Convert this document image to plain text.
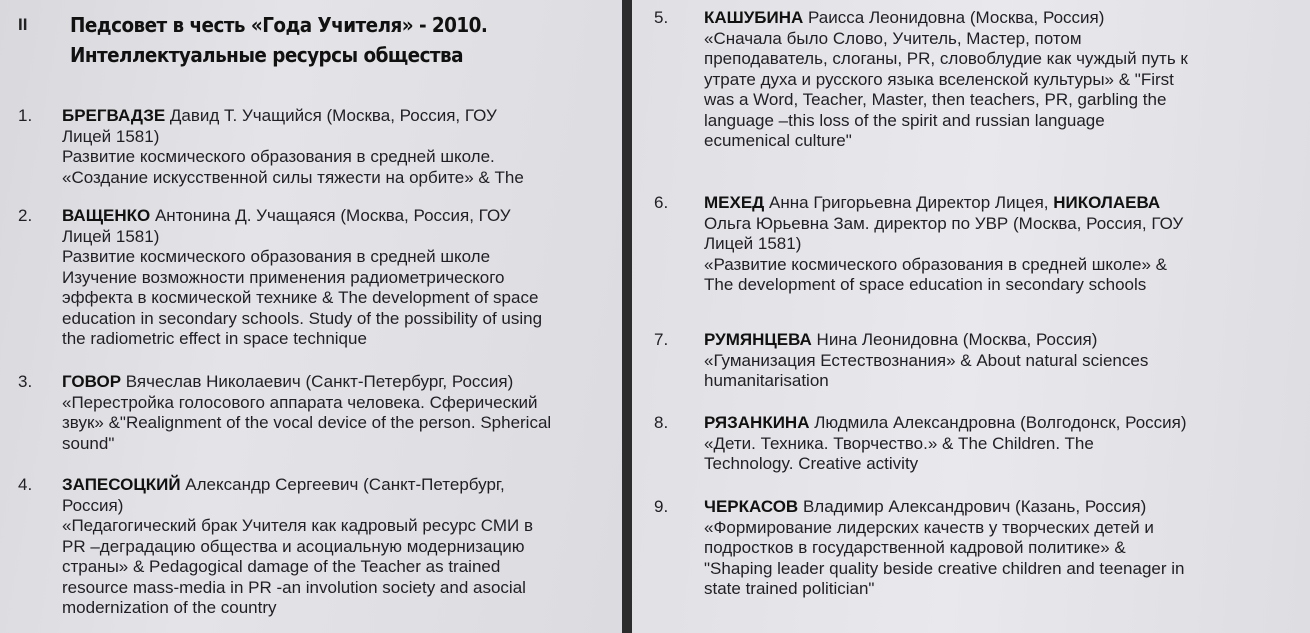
II Педсовет в честь «Года Учителя» - 2010.
Интеллектуальные ресурсы общества
1. БРЕГВАДЗЕ Давид Т. Учащийся (Москва, Россия, ГОУ
Лицей 1581)
Развитие космического образования в средней школе.
«Создание искусственной силы тяжести на орбите» & The
2. ВАЩЕНКО Антонина Д. Учащаяся (Москва, Россия, ГОУ
Лицей 1581)
Развитие космического образования в средней школе
Изучение возможности применения радиометрического
эффекта в космической технике & The development of space
education in secondary schools. Study of the possibility of using
the radiometric effect in space technique
3. ГОВОР Вячеслав Николаевич (Санкт-Петербург, Россия)
«Перестройка голосового аппарата человека. Сферический
звук» &"Realignment of the vocal device of the person. Spherical
sound"
4. ЗАПЕСОЦКИЙ Александр Сергеевич (Санкт-Петербург,
Россия)
«Педагогический брак Учителя как кадровый ресурс СМИ в
PR –деградацию общества и асоциальную модернизацию
страны» & Pedagogical damage of the Teacher as trained
resource mass-media in PR -an involution society and asocial
modernization of the country
5. КАШУБИНА Раисса Леонидовна (Москва, Россия)
«Сначала было Слово, Учитель, Мастер, потом
преподаватель, слоганы, PR, словоблудие как чуждый путь к
утрате духа и русского языка вселенской культуры» & "First
was a Word, Teacher, Master, then teachers, PR, garbling the
language –this loss of the spirit and russian language
ecumenical culture"
6. МЕХЕД Анна Григорьевна Директор Лицея, НИКОЛАЕВА
Ольга Юрьевна Зам. директор по УВР (Москва, Россия, ГОУ
Лицей 1581)
«Развитие космического образования в средней школе» &
The development of space education in secondary schools
7. РУМЯНЦЕВА Нина Леонидовна (Москва, Россия)
«Гуманизация Естествознания» & About natural sciences
humanitarisation
8. РЯЗАНКИНА Людмила Александровна (Волгодонск, Россия)
«Дети. Техника. Творчество.» & The Children. The
Technology. Creative activity
9. ЧЕРКАСОВ Владимир Александрович (Казань, Россия)
«Формирование лидерских качеств у творческих детей и
подростков в государственной кадровой политике» &
"Shaping leader quality beside creative children and teenager in
state trained politician"
